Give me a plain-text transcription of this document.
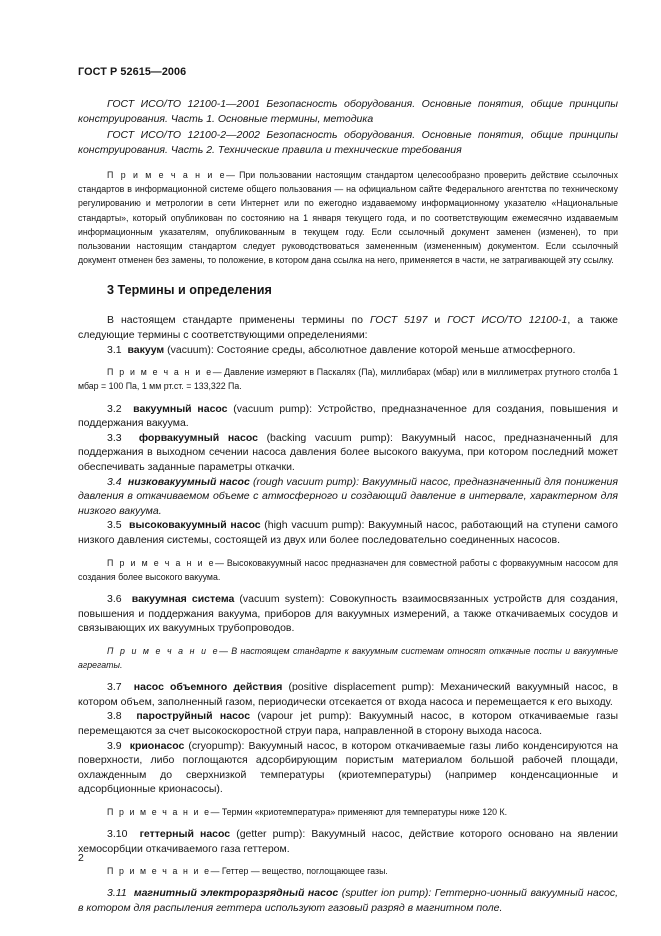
ГОСТ Р 52615—2006

ГОСТ ИСО/ТО 12100-1—2001 Безопасность оборудования. Основные понятия, общие принципы конструирования. Часть 1. Основные термины, методика

ГОСТ ИСО/ТО 12100-2—2002 Безопасность оборудования. Основные понятия, общие принципы конструирования. Часть 2. Технические правила и технические требования

П р и м е ч а н и е— При пользовании настоящим стандартом целесообразно проверить действие ссылочных стандартов в информационной системе общего пользования — на официальном сайте Федерального агентства по техническому регулированию и метрологии в сети Интернет или по ежегодно издаваемому информационному указателю «Национальные стандарты», который опубликован по состоянию на 1 января текущего года, и по соответствующим ежемесячно издаваемым информационным указателям, опубликованным в текущем году. Если ссылочный документ заменен (изменен), то при пользовании настоящим стандартом следует руководствоваться замененным (измененным) документом. Если ссылочный документ отменен без замены, то положение, в котором дана ссылка на него, применяется в части, не затрагивающей эту ссылку.

3 Термины и определения

В настоящем стандарте применены термины по ГОСТ 5197 и ГОСТ ИСО/ТО 12100-1, а также следующие термины с соответствующими определениями:

3.1 вакуум (vacuum): Состояние среды, абсолютное давление которой меньше атмосферного.

П р и м е ч а н и е— Давление измеряют в Паскалях (Па), миллибарах (мбар) или в миллиметрах ртутного столба 1 мбар = 100 Па, 1 мм рт.ст. = 133,322 Па.

3.2 вакуумный насос (vacuum pump): Устройство, предназначенное для создания, повышения и поддержания вакуума.

3.3 форвакуумный насос (backing vacuum pump): Вакуумный насос, предназначенный для поддержания в выходном сечении насоса давления более высокого вакуума, при котором последний может обеспечивать заданные параметры откачки.

3.4 низковакуумный насос (rough vacuum pump): Вакуумный насос, предназначенный для понижения давления в откачиваемом объеме с атмосферного и создающий давление в интервале, характерном для низкого вакуума.

3.5 высоковакуумный насос (high vacuum pump): Вакуумный насос, работающий на ступени самого низкого давления системы, состоящей из двух или более последовательно соединенных насосов.

П р и м е ч а н и е— Высоковакуумный насос предназначен для совместной работы с форвакуумным насосом для создания более высокого вакуума.

3.6 вакуумная система (vacuum system): Совокупность взаимосвязанных устройств для создания, повышения и поддержания вакуума, приборов для вакуумных измерений, а также откачиваемых сосудов и связывающих их вакуумных трубопроводов.

П р и м е ч а н и е— В настоящем стандарте к вакуумным системам относят откачные посты и вакуумные агрегаты.

3.7 насос объемного действия (positive displacement pump): Механический вакуумный насос, в котором объем, заполненный газом, периодически отсекается от входа насоса и перемещается к его выходу.

3.8 пароструйный насос (vapour jet pump): Вакуумный насос, в котором откачиваемые газы перемещаются за счет высокоскоростной струи пара, направленной в сторону выхода насоса.

3.9 крионасос (cryopump): Вакуумный насос, в котором откачиваемые газы либо конденсируются на поверхности, либо поглощаются адсорбирующим пористым материалом большой рабочей площади, охлажденным до сверхнизкой температуры (криотемпературы) (например конденсационные и адсорбционные крионасосы).

П р и м е ч а н и е— Термин «криотемпература» применяют для температуры ниже 120 К.

3.10 геттерный насос (getter pump): Вакуумный насос, действие которого основано на явлении хемосорбции откачиваемого газа геттером.

П р и м е ч а н и е— Геттер — вещество, поглощающее газы.

3.11 магнитный электроразрядный насос (sputter ion pump): Геттерно-ионный вакуумный насос, в котором для распыления геттера используют газовый разряд в магнитном поле.

2
